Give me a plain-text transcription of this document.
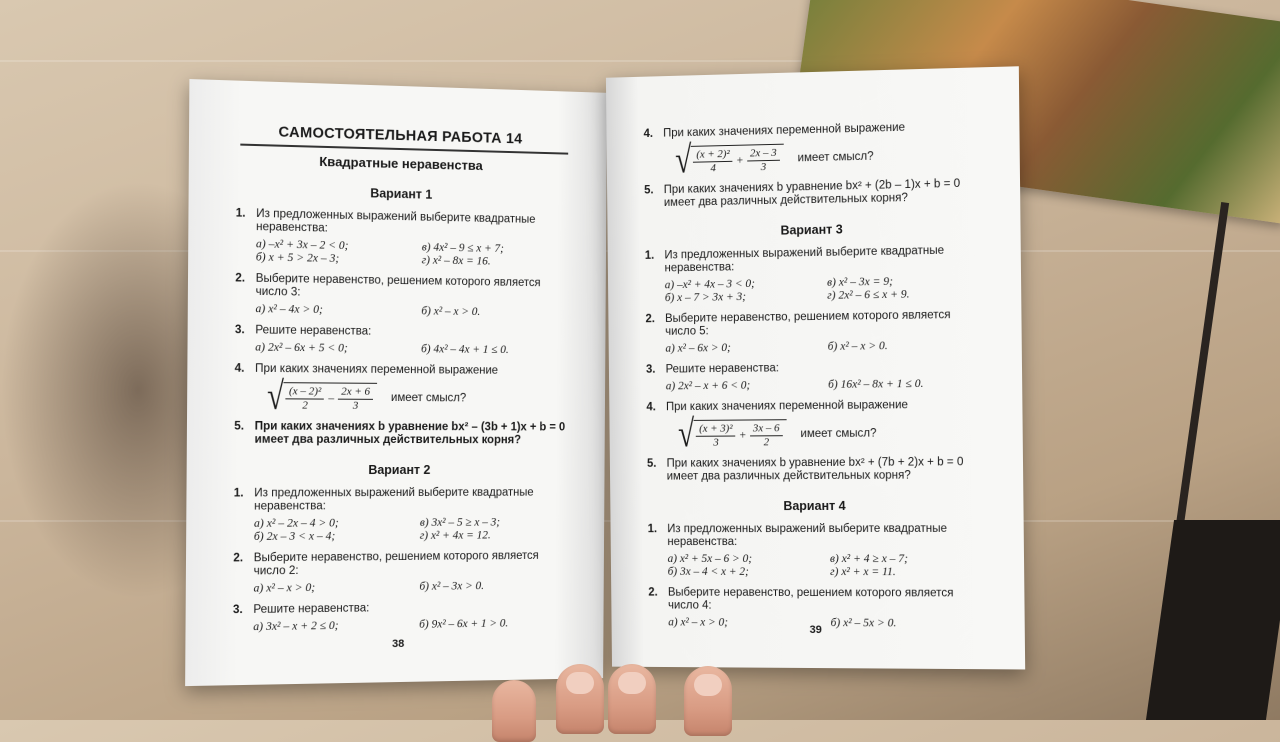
САМОСТОЯТЕЛЬНАЯ РАБОТА 14
Квадратные неравенства
Вариант 1
1. Из предложенных выражений выберите квадратные неравенства:
а) –x² + 3x – 2 < 0;	в) 4x² – 9 ≤ x + 7;
б) x + 5 > 2x – 3;	г) x² – 8x = 16.
2. Выберите неравенство, решением которого является число 3:
а) x² – 4x > 0;	б) x² – x > 0.
3. Решите неравенства:
а) 2x² – 6x + 5 < 0;	б) 4x² – 4x + 1 ≤ 0.
4. При каких значениях переменной выражение
√ $\frac{\text{(x – 2)²}}{2} - \frac{2x + 6}{3}$ имеет смысл?
5. При каких значениях b уравнение bx² – (3b + 1)x + b = 0 имеет два различных действительных корня?
Вариант 2
1. Из предложенных выражений выберите квадратные неравенства:
а) x² – 2x – 4 > 0;	в) 3x² – 5 ≥ x – 3;
б) 2x – 3 < x – 4;	г) x² + 4x = 12.
2. Выберите неравенство, решением которого является число 2:
а) x² – x > 0;	б) x² – 3x > 0.
3. Решите неравенства:
а) 3x² – x + 2 ≤ 0;	б) 9x² – 6x + 1 > 0.
38
4. При каких значениях переменной выражение
√ $\frac{\text{(x + 2)²}}{4} + \frac{2x - 3}{3}$ имеет смысл?
5. При каких значениях b уравнение bx² + (2b – 1)x + b = 0 имеет два различных действительных корня?
Вариант 3
1. Из предложенных выражений выберите квадратные неравенства:
а) –x² + 4x – 3 < 0;	в) x² – 3x = 9;
б) x – 7 > 3x + 3;	г) 2x² – 6 ≤ x + 9.
2. Выберите неравенство, решением которого является число 5:
а) x² – 6x > 0;	б) x² – x > 0.
3. Решите неравенства:
а) 2x² – x + 6 < 0;	б) 16x² – 8x + 1 ≤ 0.
4. При каких значениях переменной выражение
√ $\frac{\text{(x + 3)²}}{3} + \frac{3x - 6}{2}$ имеет смысл?
5. При каких значениях b уравнение bx² + (7b + 2)x + b = 0 имеет два различных действительных корня?
Вариант 4
1. Из предложенных выражений выберите квадратные неравенства:
а) x² + 5x – 6 > 0;	в) x² + 4 ≥ x – 7;
б) 3x – 4 < x + 2;	г) x² + x = 11.
2. Выберите неравенство, решением которого является число 4:
а) x² – x > 0;	б) x² – 5x > 0.
39
